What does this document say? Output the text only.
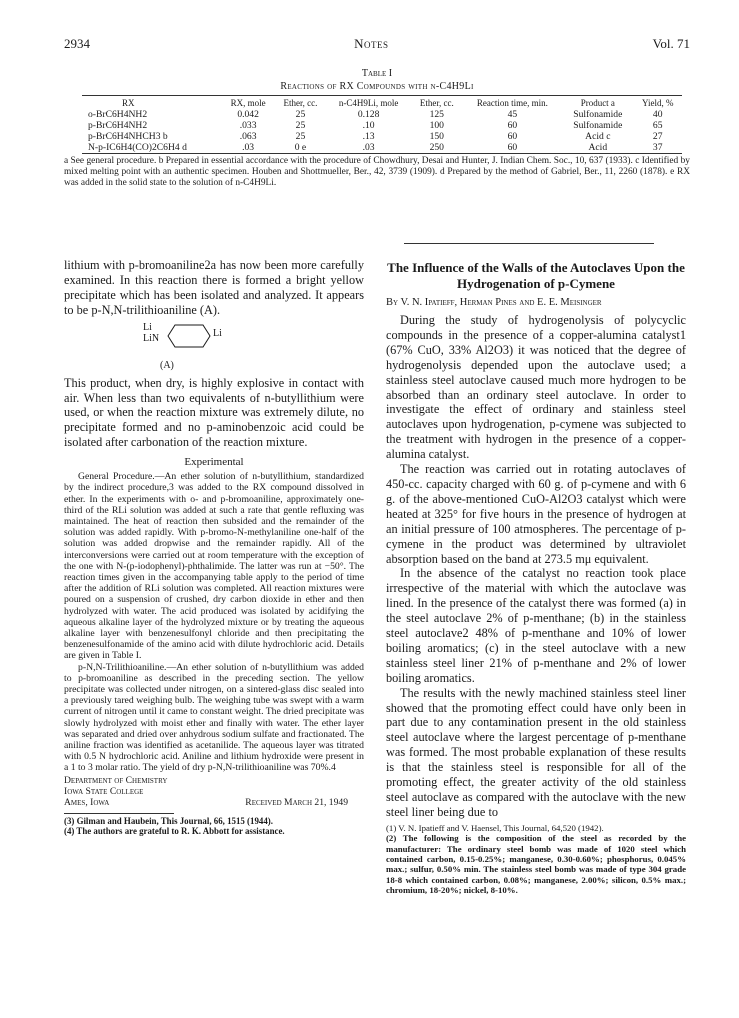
2934	Notes	Vol. 71
Table I
Reactions of RX Compounds with n-C4H9Li
RX	RX, mole	Ether, cc.	n-C4H9Li, mole	Ether, cc.	Reaction time, min.	Product a	Yield, %
o-BrC6H4NH2	0.042	25	0.128	125	45	Sulfonamide	40
p-BrC6H4NH2	.033	25	.10	100	60	Sulfonamide	65
p-BrC6H4NHCH3 b	.063	25	.13	150	60	Acid c	27
N-p-IC6H4(CO)2C6H4 d	.03	0 e	.03	250	60	Acid	37
a See general procedure. b Prepared in essential accordance with the procedure of Chowdhury, Desai and Hunter, J. Indian Chem. Soc., 10, 637 (1933). c Identified by mixed melting point with an authentic specimen. Houben and Shottmueller, Ber., 42, 3739 (1909). d Prepared by the method of Gabriel, Ber., 11, 2260 (1878). e RX was added in the solid state to the solution of n-C4H9Li.

lithium with p-bromoaniline2a has now been more carefully examined. In this reaction there is formed a bright yellow precipitate which has been isolated and analyzed. It appears to be p-N,N-trilithioaniline (A).

Li
LiN	Li
(A)

This product, when dry, is highly explosive in contact with air. When less than two equivalents of n-butyllithium were used, or when the reaction mixture was extremely dilute, no precipitate formed and no p-aminobenzoic acid could be isolated after carbonation of the reaction mixture.

Experimental

General Procedure.—An ether solution of n-butyllithium, standardized by the indirect procedure,3 was added to the RX compound dissolved in ether. In the experiments with o- and p-bromoaniline, approximately one-third of the RLi solution was added at such a rate that gentle refluxing was maintained. The heat of reaction then subsided and the remainder of the solution was added rapidly. With p-bromo-N-methylaniline one-half of the solution was added dropwise and the remainder rapidly. All of the interconversions were carried out at room temperature with the exception of the one with N-(p-iodophenyl)-phthalimide. The latter was run at −50°. The reaction times given in the accompanying table apply to the period of time after the addition of RLi solution was completed. All reaction mixtures were poured on a suspension of crushed, dry carbon dioxide in ether and then hydrolyzed with water. The acid produced was isolated by acidifying the aqueous alkaline layer of the hydrolyzed mixture or by treating the aqueous alkaline layer with benzenesulfonyl chloride and then precipitating the benzenesulfonamide of the amino acid with dilute hydrochloric acid. Details are given in Table I.

p-N,N-Trilithioaniline.—An ether solution of n-butyllithium was added to p-bromoaniline as described in the preceding section. The yellow precipitate was collected under nitrogen, on a sintered-glass disc sealed into a previously tared weighing bulb. The weighing tube was swept with a warm current of nitrogen until it came to constant weight. The dried precipitate was slowly hydrolyzed with moist ether and finally with water. The ether layer was separated and dried over anhydrous sodium sulfate and fractionated. The aniline fraction was identified as acetanilide. The aqueous layer was titrated with 0.5 N hydrochloric acid. Aniline and lithium hydroxide were present in a 1 to 3 molar ratio. The yield of dry p-N,N-trilithioaniline was 70%.4

Department of Chemistry
Iowa State College
Ames, Iowa	Received March 21, 1949
(3) Gilman and Haubein, This Journal, 66, 1515 (1944).
(4) The authors are grateful to R. K. Abbott for assistance.
The Influence of the Walls of the Autoclaves Upon the Hydrogenation of p-Cymene
By V. N. Ipatieff, Herman Pines and E. E. Meisinger

During the study of hydrogenolysis of polycyclic compounds in the presence of a copper-alumina catalyst1 (67% CuO, 33% Al2O3) it was noticed that the degree of hydrogenolysis depended upon the autoclave used; a stainless steel autoclave caused much more hydrogen to be absorbed than an ordinary steel autoclave. In order to investigate the effect of ordinary and stainless steel autoclaves upon hydrogenation, p-cymene was subjected to the treatment with hydrogen in the presence of a copper-alumina catalyst.

The reaction was carried out in rotating autoclaves of 450-cc. capacity charged with 60 g. of p-cymene and with 6 g. of the above-mentioned CuO-Al2O3 catalyst which were heated at 325° for five hours in the presence of hydrogen at an initial pressure of 100 atmospheres. The percentage of p-cymene in the product was determined by ultraviolet absorption based on the band at 273.5 mμ equivalent.

In the absence of the catalyst no reaction took place irrespective of the material with which the autoclave was lined. In the presence of the catalyst there was formed (a) in the steel autoclave 2% of p-menthane; (b) in the stainless steel autoclave2 48% of p-menthane and 10% of lower boiling aromatics; (c) in the steel autoclave with a new stainless steel liner 21% of p-menthane and 2% of lower boiling aromatics.

The results with the newly machined stainless steel liner showed that the promoting effect could have only been in part due to any contamination present in the old stainless steel autoclave where the largest percentage of p-menthane was formed. The most probable explanation of these results is that the stainless steel is responsible for all of the promoting effect, the greater activity of the old stainless steel autoclave as compared with the autoclave with the new steel liner being due to

(1) V. N. Ipatieff and V. Haensel, This Journal, 64,520 (1942).
(2) The following is the composition of the steel as recorded by the manufacturer: The ordinary steel bomb was made of 1020 steel which contained carbon, 0.15-0.25%; manganese, 0.30-0.60%; phosphorus, 0.045% max.; sulfur, 0.50% min. The stainless steel bomb was made of type 304 grade 18-8 which contained carbon, 0.08%; manganese, 2.00%; silicon, 0.5% max.; chromium, 18-20%; nickel, 8-10%.
